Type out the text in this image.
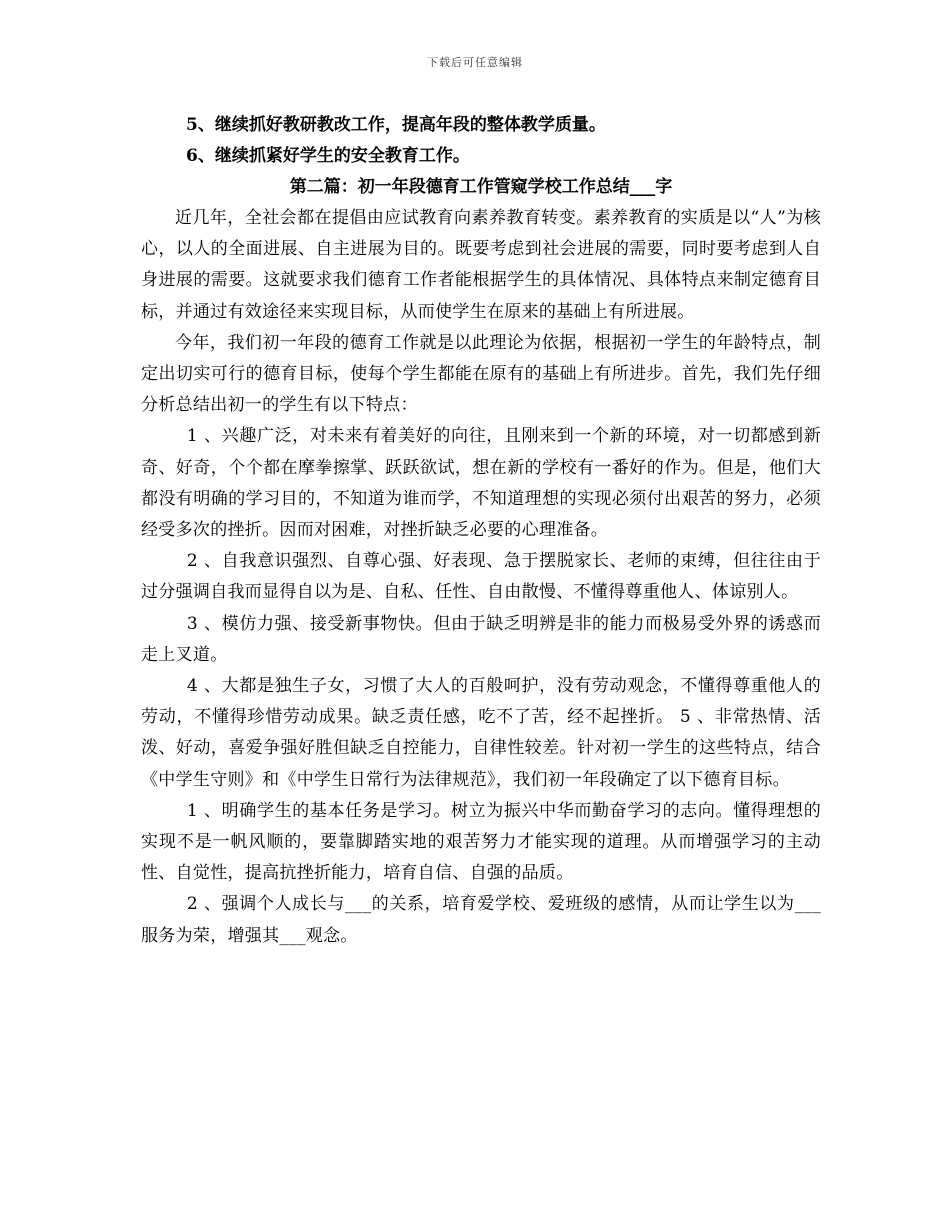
下载后可任意编辑

5、继续抓好教研教改工作，提高年段的整体教学质量。

6、继续抓紧好学生的安全教育工作。

第二篇：初一年段德育工作管窥学校工作总结___字

近几年，全社会都在提倡由应试教育向素养教育转变。素养教育的实质是以“人”为核心，以人的全面进展、自主进展为目的。既要考虑到社会进展的需要，同时要考虑到人自身进展的需要。这就要求我们德育工作者能根据学生的具体情况、具体特点来制定德育目标，并通过有效途径来实现目标，从而使学生在原来的基础上有所进展。

今年，我们初一年段的德育工作就是以此理论为依据，根据初一学生的年龄特点，制定出切实可行的德育目标，使每个学生都能在原有的基础上有所进步。首先，我们先仔细分析总结出初一的学生有以下特点：

1 、兴趣广泛，对未来有着美好的向往，且刚来到一个新的环境，对一切都感到新奇、好奇，个个都在摩拳擦掌、跃跃欲试，想在新的学校有一番好的作为。但是，他们大都没有明确的学习目的，不知道为谁而学，不知道理想的实现必须付出艰苦的努力，必须经受多次的挫折。因而对困难，对挫折缺乏必要的心理准备。

2 、自我意识强烈、自尊心强、好表现、急于摆脱家长、老师的束缚，但往往由于过分强调自我而显得自以为是、自私、任性、自由散慢、不懂得尊重他人、体谅别人。

3 、模仿力强、接受新事物快。但由于缺乏明辨是非的能力而极易受外界的诱惑而走上叉道。

4 、大都是独生子女，习惯了大人的百般呵护，没有劳动观念，不懂得尊重他人的劳动，不懂得珍惜劳动成果。缺乏责任感，吃不了苦，经不起挫折。 5 、非常热情、活泼、好动，喜爱争强好胜但缺乏自控能力，自律性较差。针对初一学生的这些特点，结合《中学生守则》和《中学生日常行为法律规范》，我们初一年段确定了以下德育目标。

1 、明确学生的基本任务是学习。树立为振兴中华而勤奋学习的志向。懂得理想的实现不是一帆风顺的，要靠脚踏实地的艰苦努力才能实现的道理。从而增强学习的主动性、自觉性，提高抗挫折能力，培育自信、自强的品质。

2 、强调个人成长与___的关系，培育爱学校、爱班级的感情，从而让学生以为___服务为荣，增强其___观念。
